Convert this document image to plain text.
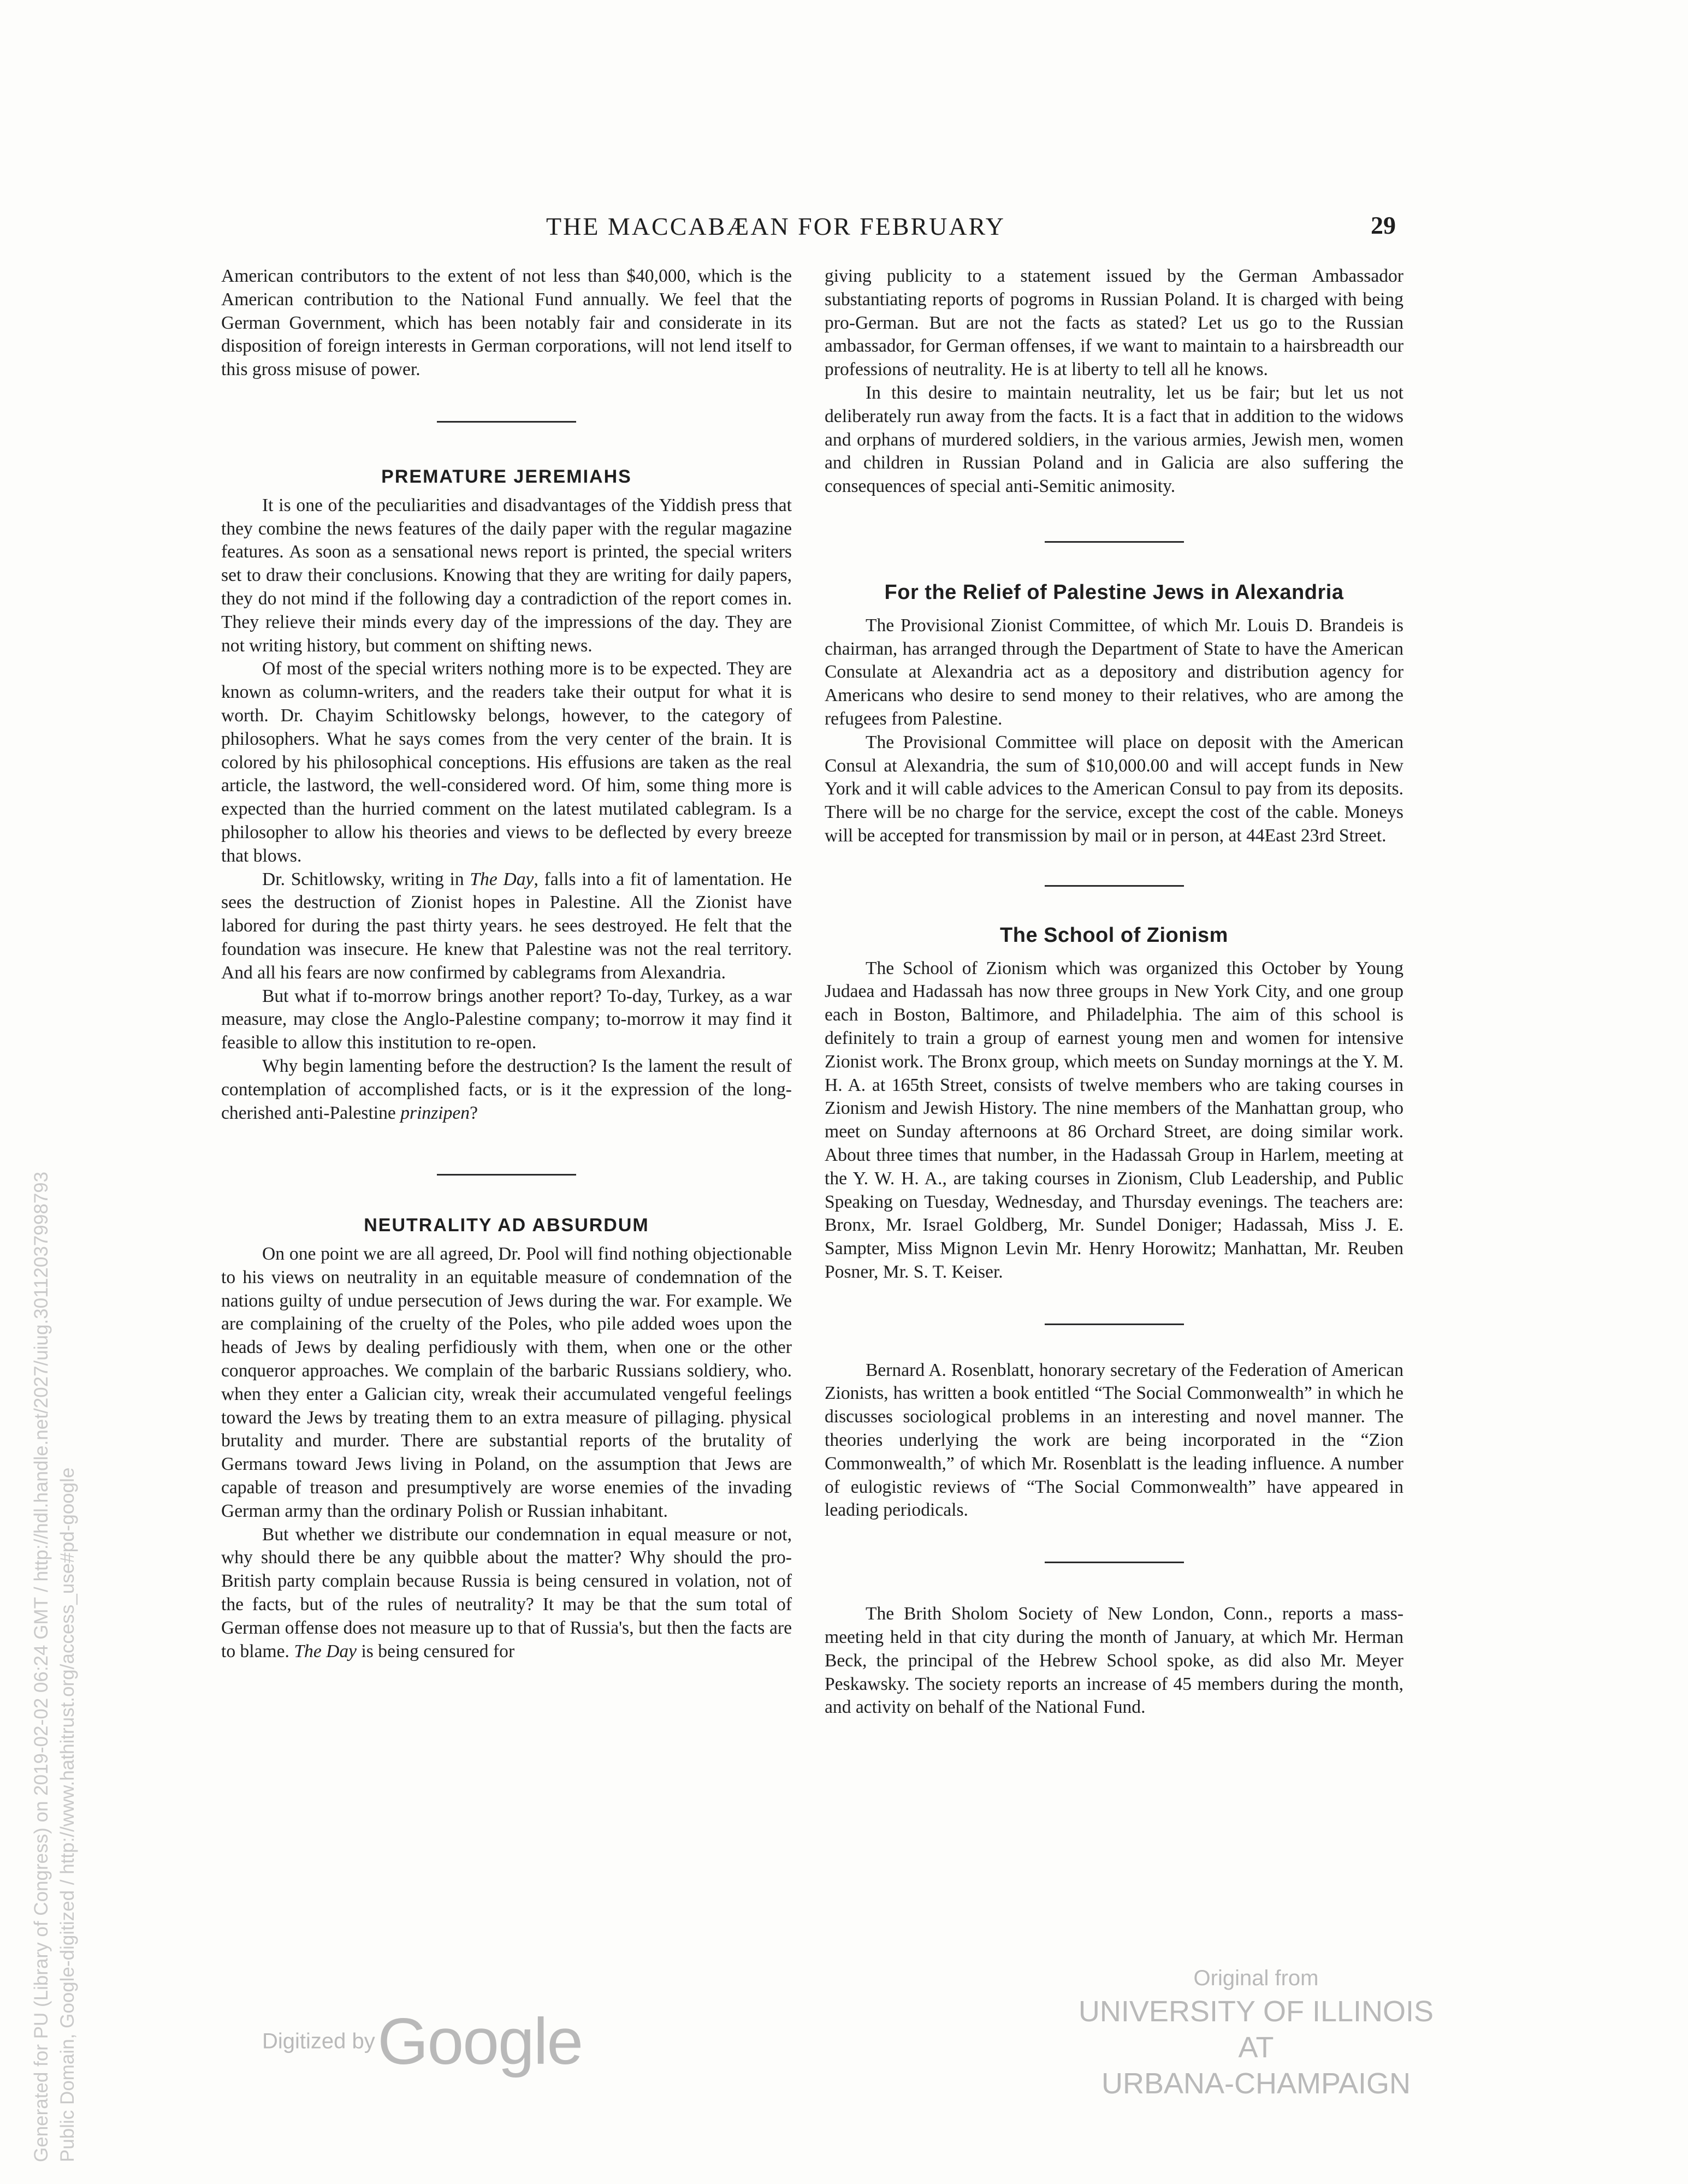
THE MACCABÆAN FOR FEBRUARY	29

American contributors to the extent of not less than $40,000, which is the American contribution to the National Fund annually. We feel that the German Government, which has been notably fair and considerate in its disposition of foreign interests in German corporations, will not lend itself to this gross misuse of power.

PREMATURE JEREMIAHS

It is one of the peculiarities and disadvantages of the Yiddish press that they combine the news features of the daily paper with the regular magazine features. As soon as a sensational news report is printed, the special writers set to draw their conclusions. Knowing that they are writing for daily papers, they do not mind if the following day a contradiction of the report comes in. They relieve their minds every day of the impressions of the day. They are not writing history, but comment on shifting news.

Of most of the special writers nothing more is to be expected. They are known as column-writers, and the readers take their output for what it is worth. Dr. Chayim Schitlowsky belongs, however, to the category of philosophers. What he says comes from the very center of the brain. It is colored by his philosophical conceptions. His effusions are taken as the real article, the lastword, the well-considered word. Of him, some thing more is expected than the hurried comment on the latest mutilated cablegram. Is a philosopher to allow his theories and views to be deflected by every breeze that blows.

Dr. Schitlowsky, writing in The Day, falls into a fit of lamentation. He sees the destruction of Zionist hopes in Palestine. All the Zionist have labored for during the past thirty years. he sees destroyed. He felt that the foundation was insecure. He knew that Palestine was not the real territory. And all his fears are now confirmed by cablegrams from Alexandria.

But what if to-morrow brings another report? To-day, Turkey, as a war measure, may close the Anglo-Palestine company; to-morrow it may find it feasible to allow this institution to re-open.

Why begin lamenting before the destruction? Is the lament the result of contemplation of accomplished facts, or is it the expression of the long-cherished anti-Palestine prinzipen?

NEUTRALITY AD ABSURDUM

On one point we are all agreed, Dr. Pool will find nothing objectionable to his views on neutrality in an equitable measure of condemnation of the nations guilty of undue persecution of Jews during the war. For example. We are complaining of the cruelty of the Poles, who pile added woes upon the heads of Jews by dealing perfidiously with them, when one or the other conqueror approaches. We complain of the barbaric Russians soldiery, who. when they enter a Galician city, wreak their accumulated vengeful feelings toward the Jews by treating them to an extra measure of pillaging. physical brutality and murder. There are substantial reports of the brutality of Germans toward Jews living in Poland, on the assumption that Jews are capable of treason and presumptively are worse enemies of the invading German army than the ordinary Polish or Russian inhabitant.

But whether we distribute our condemnation in equal measure or not, why should there be any quibble about the matter? Why should the pro-British party complain because Russia is being censured in volation, not of the facts, but of the rules of neutrality? It may be that the sum total of German offense does not measure up to that of Russia's, but then the facts are to blame. The Day is being censured for

giving publicity to a statement issued by the German Ambassador substantiating reports of pogroms in Russian Poland. It is charged with being pro-German. But are not the facts as stated? Let us go to the Russian ambassador, for German offenses, if we want to maintain to a hairsbreadth our professions of neutrality. He is at liberty to tell all he knows.

In this desire to maintain neutrality, let us be fair; but let us not deliberately run away from the facts. It is a fact that in addition to the widows and orphans of murdered soldiers, in the various armies, Jewish men, women and children in Russian Poland and in Galicia are also suffering the consequences of special anti-Semitic animosity.

For the Relief of Palestine Jews in Alexandria

The Provisional Zionist Committee, of which Mr. Louis D. Brandeis is chairman, has arranged through the Department of State to have the American Consulate at Alexandria act as a depository and distribution agency for Americans who desire to send money to their relatives, who are among the refugees from Palestine.

The Provisional Committee will place on deposit with the American Consul at Alexandria, the sum of $10,000.00 and will accept funds in New York and it will cable advices to the American Consul to pay from its deposits. There will be no charge for the service, except the cost of the cable. Moneys will be accepted for transmission by mail or in person, at 44East 23rd Street.

The School of Zionism

The School of Zionism which was organized this October by Young Judaea and Hadassah has now three groups in New York City, and one group each in Boston, Baltimore, and Philadelphia. The aim of this school is definitely to train a group of earnest young men and women for intensive Zionist work. The Bronx group, which meets on Sunday mornings at the Y. M. H. A. at 165th Street, consists of twelve members who are taking courses in Zionism and Jewish History. The nine members of the Manhattan group, who meet on Sunday afternoons at 86 Orchard Street, are doing similar work. About three times that number, in the Hadassah Group in Harlem, meeting at the Y. W. H. A., are taking courses in Zionism, Club Leadership, and Public Speaking on Tuesday, Wednesday, and Thursday evenings. The teachers are: Bronx, Mr. Israel Goldberg, Mr. Sundel Doniger; Hadassah, Miss J. E. Sampter, Miss Mignon Levin Mr. Henry Horowitz; Manhattan, Mr. Reuben Posner, Mr. S. T. Keiser.

Bernard A. Rosenblatt, honorary secretary of the Federation of American Zionists, has written a book entitled “The Social Commonwealth” in which he discusses sociological problems in an interesting and novel manner. The theories underlying the work are being incorporated in the “Zion Commonwealth,” of which Mr. Rosenblatt is the leading influence. A number of eulogistic reviews of “The Social Commonwealth” have appeared in leading periodicals.

The Brith Sholom Society of New London, Conn., reports a mass-meeting held in that city during the month of January, at which Mr. Herman Beck, the principal of the Hebrew School spoke, as did also Mr. Meyer Peskawsky. The society reports an increase of 45 members during the month, and activity on behalf of the National Fund.

Generated for PU (Library of Congress) on 2019-02-02 06:24 GMT / http://hdl.handle.net/2027/uiug.30112037998793 Public Domain, Google-digitized / http://www.hathitrust.org/access_use#pd-google	Digitized by Google
Original from
UNIVERSITY OF ILLINOIS AT
URBANA-CHAMPAIGN
